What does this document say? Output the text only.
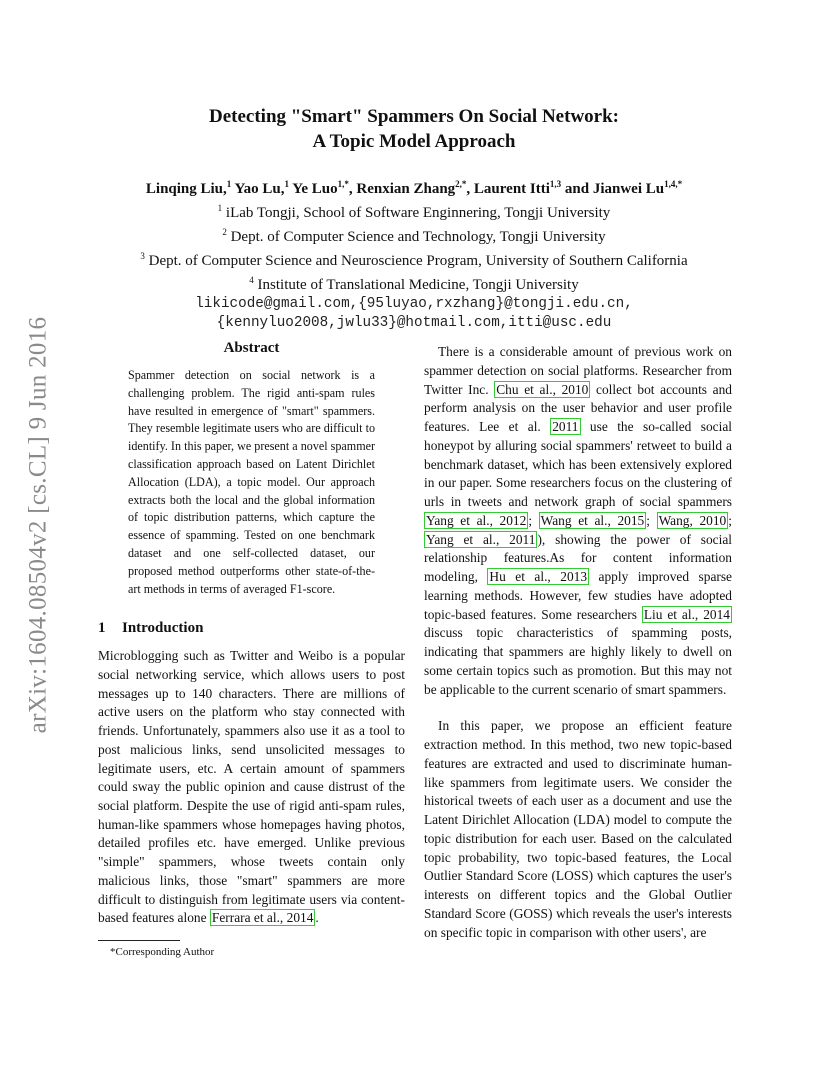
arXiv:1604.08504v2 [cs.CL] 9 Jun 2016
Detecting "Smart" Spammers On Social Network:
A Topic Model Approach
Linqing Liu,$^1$ Yao Lu,$^1$ Ye Luo$^{1,*}$, Renxian Zhang$^{2,*}$, Laurent Itti$^{1,3}$ and Jianwei $Lu^{1,4,*}$
$^1$ iLab Tongji, School of Software Enginnering, Tongji University
$^2$ Dept. of Computer Science and Technology, Tongji University
$^3$ Dept. of Computer Science and Neuroscience Program, University of Southern California
$^4$ Institute of Translational Medicine, Tongji University
likicode@gmail.com,{95luyao,rxzhang}@tongji.edu.cn,
{kennyluo2008,jwlu33}@hotmail.com,itti@usc.edu
Abstract

Spammer detection on social network is a challenging problem. The rigid anti-spam rules have resulted in emergence of "smart" spammers. They resemble legitimate users who are difficult to identify. In this paper, we present a novel spammer classification approach based on Latent Dirichlet Allocation (LDA), a topic model. Our approach extracts both the local and the global information of topic distribution patterns, which capture the essence of spamming. Tested on one benchmark dataset and one self-collected dataset, our proposed method outperforms other state-of-the-art methods in terms of averaged F1-score.

1 Introduction

Microblogging such as Twitter and Weibo is a popular social networking service, which allows users to post messages up to 140 characters. There are millions of active users on the platform who stay connected with friends. Unfortunately, spammers also use it as a tool to post malicious links, send unsolicited messages to legitimate users, etc. A certain amount of spammers could sway the public opinion and cause distrust of the social platform. Despite the use of rigid anti-spam rules, human-like spammers whose homepages having photos, detailed profiles etc. have emerged. Unlike previous "simple" spammers, whose tweets contain only malicious links, those "smart" spammers are more difficult to distinguish from legitimate users via content-based features alone Ferrara et al., 2014 .

*Corresponding Author

There is a considerable amount of previous work on spammer detection on social platforms. Researcher from Twitter Inc. Chu et al., 2010 collect bot accounts and perform analysis on the user behavior and user profile features. Lee et al. 2011 use the so-called social honeypot by alluring social spammers' retweet to build a benchmark dataset, which has been extensively explored in our paper. Some researchers focus on the clustering of urls in tweets and network graph of social spammers Yang et al., 2012 ; Wang et al., 2015 ; Wang, 2010 ; Yang et al., 2011 ), showing the power of social relationship features.As for content information modeling, Hu et al., 2013 apply improved sparse learning methods. However, few studies have adopted topic-based features. Some researchers Liu et al., 2014 discuss topic characteristics of spamming posts, indicating that spammers are highly likely to dwell on some certain topics such as promotion. But this may not be applicable to the current scenario of smart spammers.

In this paper, we propose an efficient feature extraction method. In this method, two new topic-based features are extracted and used to discriminate human-like spammers from legitimate users. We consider the historical tweets of each user as a document and use the Latent Dirichlet Allocation (LDA) model to compute the topic distribution for each user. Based on the calculated topic probability, two topic-based features, the Local Outlier Standard Score (LOSS) which captures the user's interests on different topics and the Global Outlier Standard Score (GOSS) which reveals the user's interests on specific topic in comparison with other users', are
